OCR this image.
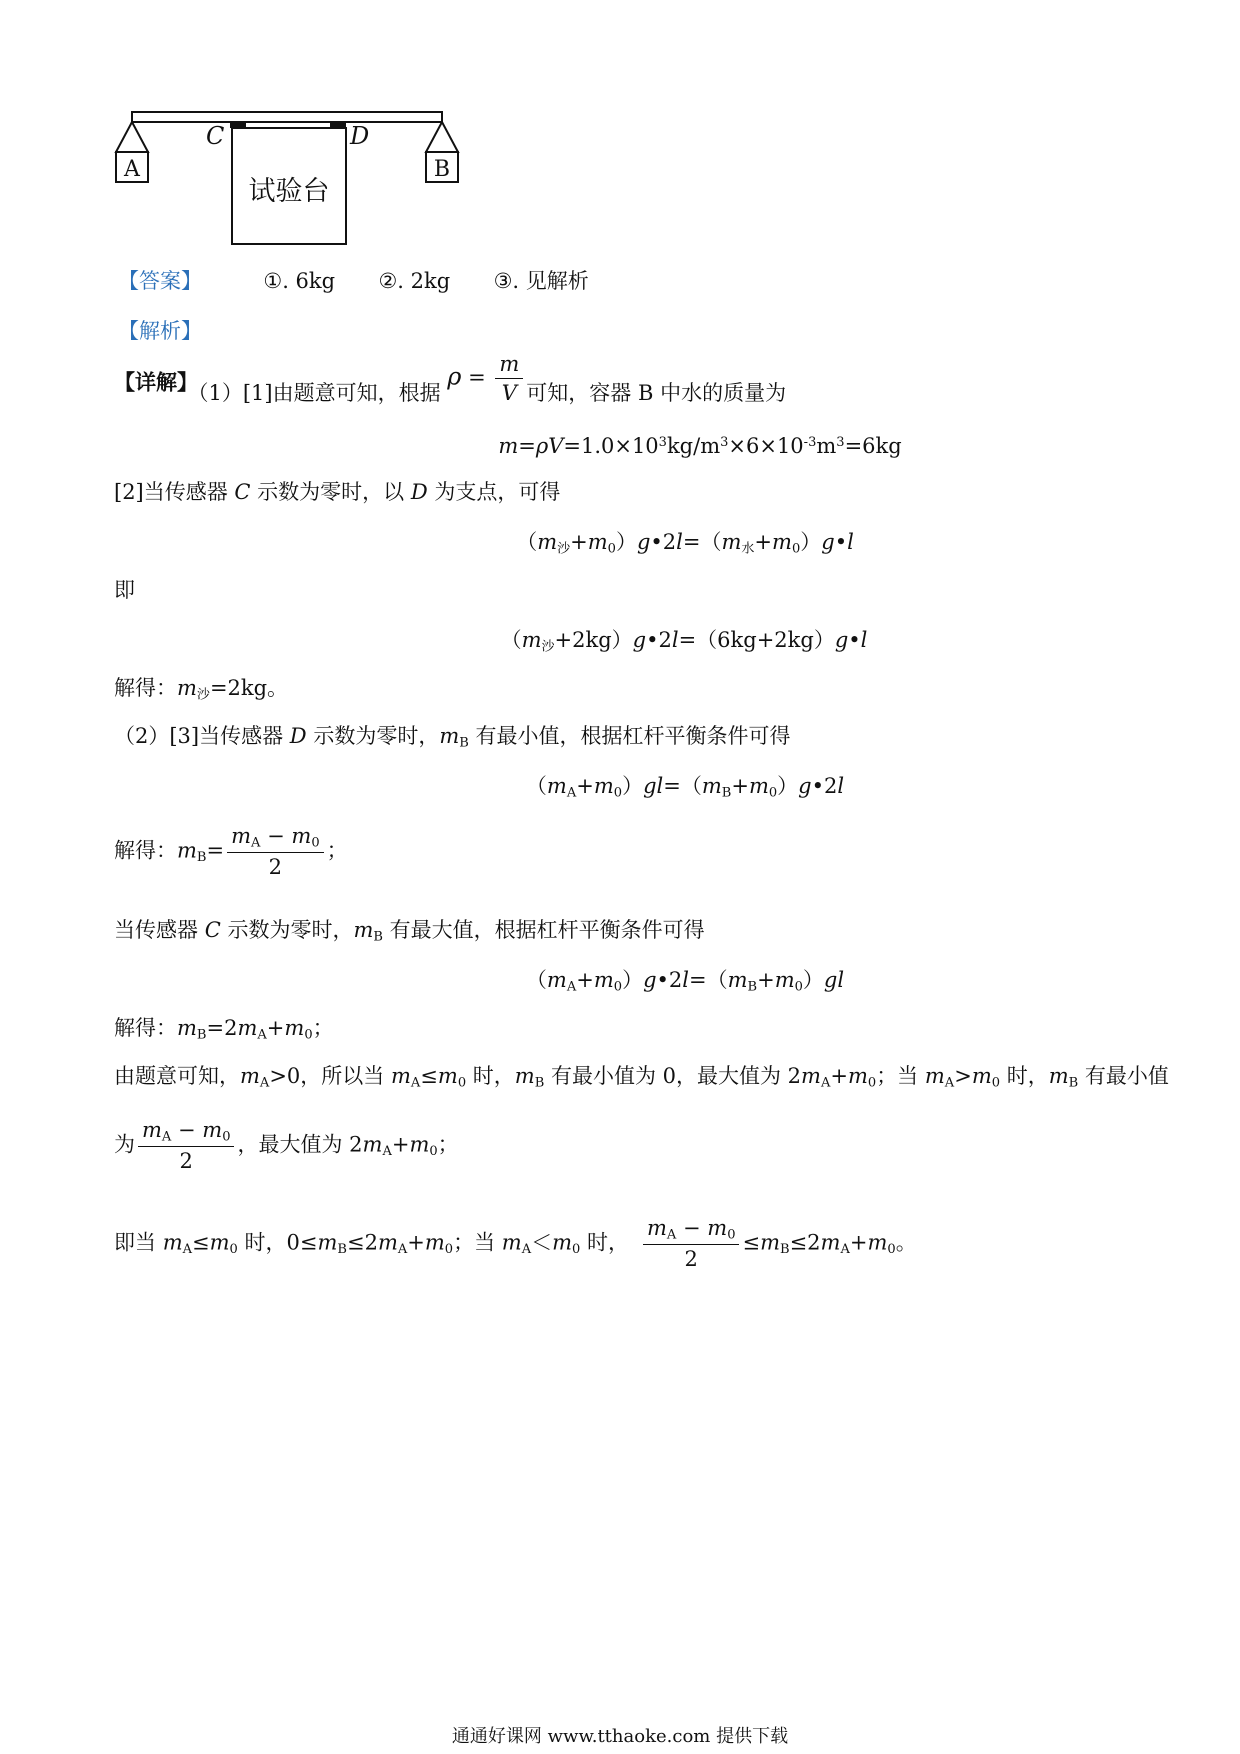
试验台
A	B
C	D
【答案】	①. 6kg ②. 2kg ③. 见解析
【解析】
【详解】（1）[1]由题意可知，根据 $\rho = \frac{m}{V}$ 可知，容器 B 中水的质量为
$m=\rho V=1.0\times 10^3kg/m^3\times 6\times 10^{-3}m^3=6kg$
[2]当传感器 C 示数为零时，以 D 为支点，可得
$(m_沙+m_0)g•2l=(m_水+m_0)g•l$
即
$(m_沙+2kg)g•2l=(6kg+2kg)g•l$
解得：$m_沙=2kg$。
（2）[3]当传感器 D 示数为零时，$m_B$ 有最小值，根据杠杆平衡条件可得
$(m_A+m_0)gl=(m_B+m_0)g•2l$
解得：$m_B= \frac{m_A - m_0}{2}$ ；
当传感器 C 示数为零时，$m_B$ 有最大值，根据杠杆平衡条件可得
$(m_A+m_0)g•2l=(m_B+m_0)gl$
解得：$m_B=2m_A+m_0$；
由题意可知，$m_A>0$，所以当 $m_A\le m_0$ 时，$m_B$ 有最小值为 0，最大值为 $2m_A+m_0$；当 $m_A>m_0$ 时，$m_B$ 有最小值
为 $\frac{m_A - m_0}{2}$ ，最大值为 $2m_A+m_0$；
即当 $m_A\le m_0$ 时，$0\le m_B\le 2m_A+m_0$；当 $m_A<m_0$ 时， $\frac{m_A - m_0}{2} \le m_B\le 2m_A+m_0$。
通通好课网 www.tthaoke.com 提供下载
